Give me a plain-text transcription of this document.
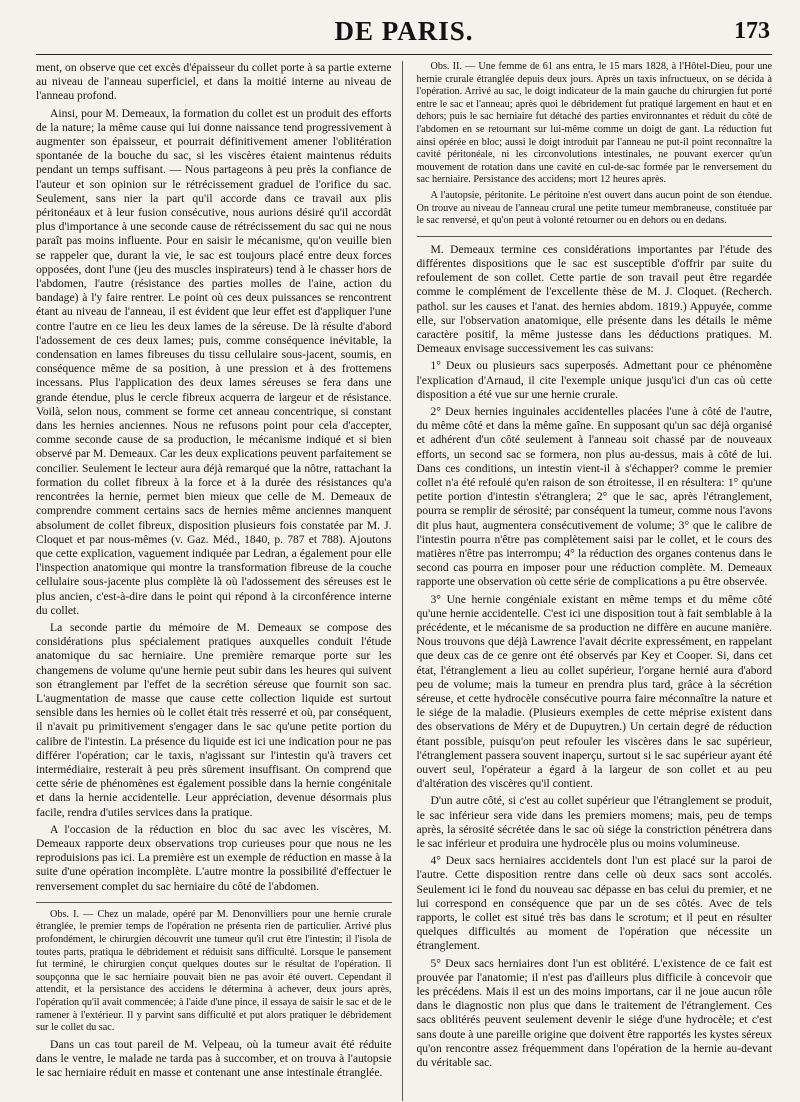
DE PARIS.	173

ment, on observe que cet excès d'épaisseur du collet porte à sa partie externe au niveau de l'anneau superficiel, et dans la moitié interne au niveau de l'anneau profond.

Ainsi, pour M. Demeaux, la formation du collet est un produit des efforts de la nature; la même cause qui lui donne naissance tend progressivement à augmenter son épaisseur, et pourrait définitivement amener l'oblitération spontanée de la bouche du sac, si les viscères étaient maintenus réduits pendant un temps suffisant. — Nous partageons à peu près la confiance de l'auteur et son opinion sur le rétrécissement graduel de l'orifice du sac. Seulement, sans nier la part qu'il accorde dans ce travail aux plis péritonéaux et à leur fusion consécutive, nous aurions désiré qu'il accordât plus d'importance à une seconde cause de rétrécissement du sac qui ne nous paraît pas moins influente. Pour en saisir le mécanisme, qu'on veuille bien se rappeler que, durant la vie, le sac est toujours placé entre deux forces opposées, dont l'une (jeu des muscles inspirateurs) tend à le chasser hors de l'abdomen, l'autre (résistance des parties molles de l'aine, action du bandage) à l'y faire rentrer. Le point où ces deux puissances se rencontrent étant au niveau de l'anneau, il est évident que leur effet est d'appliquer l'une contre l'autre en ce lieu les deux lames de la séreuse. De là résulte d'abord l'adossement de ces deux lames; puis, comme conséquence inévitable, la condensation en lames fibreuses du tissu cellulaire sous-jacent, soumis, en conséquence même de sa position, à une pression et à des frottemens incessans. Plus l'application des deux lames séreuses se fera dans une grande étendue, plus le cercle fibreux acquerra de largeur et de résistance. Voilà, selon nous, comment se forme cet anneau concentrique, si constant dans les hernies anciennes. Nous ne refusons point pour cela d'accepter, comme seconde cause de sa production, le mécanisme indiqué et si bien observé par M. Demeaux. Car les deux explications peuvent parfaitement se concilier. Seulement le lecteur aura déjà remarqué que la nôtre, rattachant la formation du collet fibreux à la force et à la durée des résistances qu'a rencontrées la hernie, permet bien mieux que celle de M. Demeaux de comprendre comment certains sacs de hernies même anciennes manquent absolument de collet fibreux, disposition plusieurs fois constatée par M. J. Cloquet et par nous-mêmes (v. Gaz. Méd., 1840, p. 787 et 788). Ajoutons que cette explication, vaguement indiquée par Ledran, a également pour elle l'inspection anatomique qui montre la transformation fibreuse de la couche cellulaire sous-jacente plus complète là où l'adossement des séreuses est le plus ancien, c'est-à-dire dans le point qui répond à la circonférence interne du collet.

La seconde partie du mémoire de M. Demeaux se compose des considérations plus spécialement pratiques auxquelles conduit l'étude anatomique du sac herniaire. Une première remarque porte sur les changemens de volume qu'une hernie peut subir dans les heures qui suivent son étranglement par l'effet de la secrétion séreuse que fournit son sac. L'augmentation de masse que cause cette collection liquide est surtout sensible dans les hernies où le collet était très resserré et où, par conséquent, il n'avait pu primitivement s'engager dans le sac qu'une petite portion du calibre de l'intestin. La présence du liquide est ici une indication pour ne pas différer l'opération; car le taxis, n'agissant sur l'intestin qu'à travers cet intermédiaire, resterait à peu près sûrement insuffisant. On comprend que cette série de phénomènes est également possible dans la hernie congénitale et dans la hernie accidentelle. Leur appréciation, devenue désormais plus facile, rendra d'utiles services dans la pratique.

A l'occasion de la réduction en bloc du sac avec les viscères, M. Demeaux rapporte deux observations trop curieuses pour que nous ne les reproduisions pas ici. La première est un exemple de réduction en masse à la suite d'une opération incomplète. L'autre montre la possibilité d'effectuer le renversement complet du sac herniaire du côté de l'abdomen.

Obs. I. — Chez un malade, opéré par M. Denonvilliers pour une hernie crurale étranglée, le premier temps de l'opération ne présenta rien de particulier. Arrivé plus profondément, le chirurgien découvrit une tumeur qu'il crut être l'intestin; il l'isola de toutes parts, pratiqua le débridement et réduisit sans difficulté. Lorsque le pansement fut terminé, le chirurgien conçut quelques doutes sur le résultat de l'opération. Il soupçonna que le sac herniaire pouvait bien ne pas avoir été ouvert. Cependant il attendit, et la persistance des accidens le détermina à achever, deux jours après, l'opération qu'il avait commencée; à l'aide d'une pince, il essaya de saisir le sac et de le ramener à l'extérieur. Il y parvint sans difficulté et put alors pratiquer le débridement sur le collet du sac.

Dans un cas tout pareil de M. Velpeau, où la tumeur avait été réduite dans le ventre, le malade ne tarda pas à succomber, et on trouva à l'autopsie le sac herniaire réduit en masse et contenant une anse intestinale étranglée.

Obs. II. — Une femme de 61 ans entra, le 15 mars 1828, à l'Hôtel-Dieu, pour une hernie crurale étranglée depuis deux jours. Après un taxis infructueux, on se décida à l'opération. Arrivé au sac, le doigt indicateur de la main gauche du chirurgien fut porté entre le sac et l'anneau; après quoi le débridement fut pratiqué largement en haut et en dehors; puis le sac herniaire fut détaché des parties environnantes et réduit du côté de l'abdomen en se retournant sur lui-même comme un doigt de gant. La réduction fut ainsi opérée en bloc; aussi le doigt introduit par l'anneau ne put-il point reconnaître la cavité péritonéale, ni les circonvolutions intestinales, ne pouvant exercer qu'un mouvement de rotation dans une cavité en cul-de-sac formée par le renversement du sac herniaire. Persistance des accidens; mort 12 heures après.

A l'autopsie, péritonite. Le péritoine n'est ouvert dans aucun point de son étendue. On trouve au niveau de l'anneau crural une petite tumeur membraneuse, constituée par le sac renversé, et qu'on peut à volonté retourner ou en dehors ou en dedans.

M. Demeaux termine ces considérations importantes par l'étude des différentes dispositions que le sac est susceptible d'offrir par suite du refoulement de son collet. Cette partie de son travail peut être regardée comme le complément de l'excellente thèse de M. J. Cloquet. (Recherch. pathol. sur les causes et l'anat. des hernies abdom. 1819.) Appuyée, comme elle, sur l'observation anatomique, elle présente dans les détails le même caractère positif, la même justesse dans les déductions pratiques. M. Demeaux envisage successivement les cas suivans:

1° Deux ou plusieurs sacs superposés. Admettant pour ce phénomène l'explication d'Arnaud, il cite l'exemple unique jusqu'ici d'un cas où cette disposition a été vue sur une hernie crurale.

2° Deux hernies inguinales accidentelles placées l'une à côté de l'autre, du même côté et dans la même gaîne. En supposant qu'un sac déjà organisé et adhérent d'un côté seulement à l'anneau soit chassé par de nouveaux efforts, un second sac se formera, non plus au-dessus, mais à côté de lui. Dans ces conditions, un intestin vient-il à s'échapper? comme le premier collet n'a été refoulé qu'en raison de son étroitesse, il en résultera: 1° qu'une petite portion d'intestin s'étranglera; 2° que le sac, après l'étranglement, pourra se remplir de sérosité; par conséquent la tumeur, comme nous l'avons dit plus haut, augmentera consécutivement de volume; 3° que le calibre de l'intestin pourra n'être pas complètement saisi par le collet, et le cours des matières n'être pas interrompu; 4° la réduction des organes contenus dans le second cas pourra en imposer pour une réduction complète. M. Demeaux rapporte une observation où cette série de complications a pu être observée.

3° Une hernie congéniale existant en même temps et du même côté qu'une hernie accidentelle. C'est ici une disposition tout à fait semblable à la précédente, et le mécanisme de sa production ne diffère en aucune manière. Nous trouvons que déjà Lawrence l'avait décrite expressément, en rappelant que deux cas de ce genre ont été observés par Key et Cooper. Si, dans cet état, l'étranglement a lieu au collet supérieur, l'organe hernié aura d'abord peu de volume; mais la tumeur en prendra plus tard, grâce à la sécrétion séreuse, et cette hydrocèle consécutive pourra faire méconnaître la nature et le siége de la maladie. (Plusieurs exemples de cette méprise existent dans des observations de Méry et de Dupuytren.) Un certain degré de réduction étant possible, puisqu'on peut refouler les viscères dans le sac supérieur, l'étranglement passera souvent inaperçu, surtout si le sac supérieur ayant été ouvert seul, l'opérateur a égard à la largeur de son collet et au peu d'altération des viscères qu'il contient.

D'un autre côté, si c'est au collet supérieur que l'étranglement se produit, le sac inférieur sera vide dans les premiers momens; mais, peu de temps après, la sérosité sécrétée dans le sac où siége la constriction pénétrera dans le sac inférieur et produira une hydrocèle plus ou moins volumineuse.

4° Deux sacs herniaires accidentels dont l'un est placé sur la paroi de l'autre. Cette disposition rentre dans celle où deux sacs sont accolés. Seulement ici le fond du nouveau sac dépasse en bas celui du premier, et ne lui correspond en conséquence que par un de ses côtés. Avec de tels rapports, le collet est situé très bas dans le scrotum; et il peut en résulter quelques difficultés au moment de l'opération que nécessite un étranglement.

5° Deux sacs herniaires dont l'un est oblitéré. L'existence de ce fait est prouvée par l'anatomie; il n'est pas d'ailleurs plus difficile à concevoir que les précédens. Mais il est un des moins importans, car il ne joue aucun rôle dans le diagnostic non plus que dans le traitement de l'étranglement. Ces sacs oblitérés peuvent seulement devenir le siége d'une hydrocèle; et c'est sans doute à une pareille origine que doivent être rapportés les kystes séreux qu'on rencontre assez fréquemment dans l'opération de la hernie au-devant du véritable sac.
